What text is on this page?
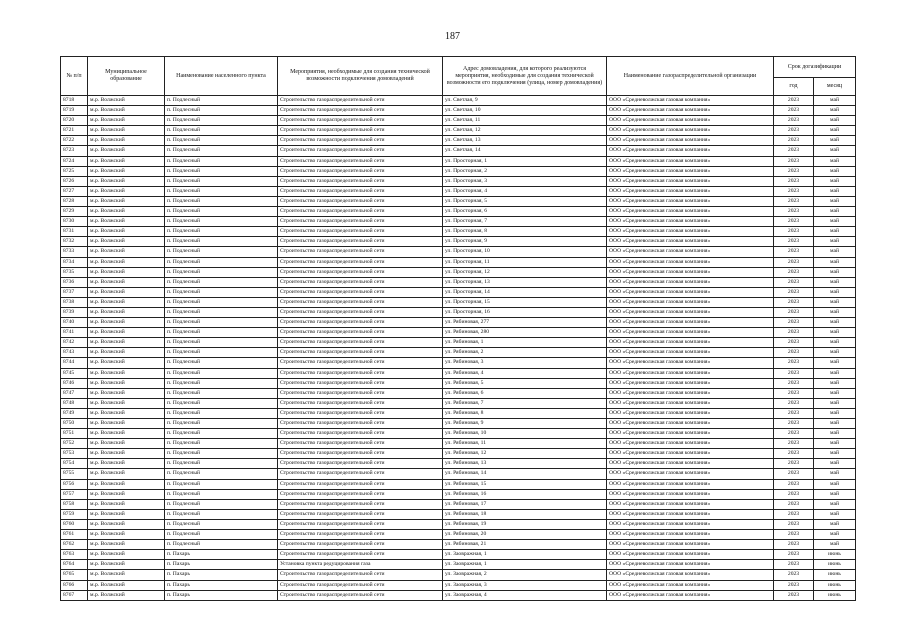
187
№ п/п	Муниципальное образование	Наименование населенного пункта	Мероприятия, необходимые для создания технической возможности подключения домовладений	Адрес домовладения, для которого реализуются мероприятия, необходимые для создания технической возможности его подключения (улица, номер домовладения)	Наименование газораспределительной организации	Срок догазификации	
						год	месяц
8718	м.р. Волжский	п. Подлесный	Строительство газораспределительной сети	ул. Светлая, 9	ООО «Средневолжская газовая компания»	2023	май
8719	м.р. Волжский	п. Подлесный	Строительство газораспределительной сети	ул. Светлая, 10	ООО «Средневолжская газовая компания»	2023	май
8720	м.р. Волжский	п. Подлесный	Строительство газораспределительной сети	ул. Светлая, 11	ООО «Средневолжская газовая компания»	2023	май
8721	м.р. Волжский	п. Подлесный	Строительство газораспределительной сети	ул. Светлая, 12	ООО «Средневолжская газовая компания»	2023	май
8722	м.р. Волжский	п. Подлесный	Строительство газораспределительной сети	ул. Светлая, 13	ООО «Средневолжская газовая компания»	2023	май
8723	м.р. Волжский	п. Подлесный	Строительство газораспределительной сети	ул. Светлая, 14	ООО «Средневолжская газовая компания»	2023	май
8724	м.р. Волжский	п. Подлесный	Строительство газораспределительной сети	ул. Просторная, 1	ООО «Средневолжская газовая компания»	2023	май
8725	м.р. Волжский	п. Подлесный	Строительство газораспределительной сети	ул. Просторная, 2	ООО «Средневолжская газовая компания»	2023	май
8726	м.р. Волжский	п. Подлесный	Строительство газораспределительной сети	ул. Просторная, 3	ООО «Средневолжская газовая компания»	2023	май
8727	м.р. Волжский	п. Подлесный	Строительство газораспределительной сети	ул. Просторная, 4	ООО «Средневолжская газовая компания»	2023	май
8728	м.р. Волжский	п. Подлесный	Строительство газораспределительной сети	ул. Просторная, 5	ООО «Средневолжская газовая компания»	2023	май
8729	м.р. Волжский	п. Подлесный	Строительство газораспределительной сети	ул. Просторная, 6	ООО «Средневолжская газовая компания»	2023	май
8730	м.р. Волжский	п. Подлесный	Строительство газораспределительной сети	ул. Просторная, 7	ООО «Средневолжская газовая компания»	2023	май
8731	м.р. Волжский	п. Подлесный	Строительство газораспределительной сети	ул. Просторная, 8	ООО «Средневолжская газовая компания»	2023	май
8732	м.р. Волжский	п. Подлесный	Строительство газораспределительной сети	ул. Просторная, 9	ООО «Средневолжская газовая компания»	2023	май
8733	м.р. Волжский	п. Подлесный	Строительство газораспределительной сети	ул. Просторная, 10	ООО «Средневолжская газовая компания»	2023	май
8734	м.р. Волжский	п. Подлесный	Строительство газораспределительной сети	ул. Просторная, 11	ООО «Средневолжская газовая компания»	2023	май
8735	м.р. Волжский	п. Подлесный	Строительство газораспределительной сети	ул. Просторная, 12	ООО «Средневолжская газовая компания»	2023	май
8736	м.р. Волжский	п. Подлесный	Строительство газораспределительной сети	ул. Просторная, 13	ООО «Средневолжская газовая компания»	2023	май
8737	м.р. Волжский	п. Подлесный	Строительство газораспределительной сети	ул. Просторная, 14	ООО «Средневолжская газовая компания»	2023	май
8738	м.р. Волжский	п. Подлесный	Строительство газораспределительной сети	ул. Просторная, 15	ООО «Средневолжская газовая компания»	2023	май
8739	м.р. Волжский	п. Подлесный	Строительство газораспределительной сети	ул. Просторная, 16	ООО «Средневолжская газовая компания»	2023	май
8740	м.р. Волжский	п. Подлесный	Строительство газораспределительной сети	ул. Рябиновая, 277	ООО «Средневолжская газовая компания»	2023	май
8741	м.р. Волжский	п. Подлесный	Строительство газораспределительной сети	ул. Рябиновая, 280	ООО «Средневолжская газовая компания»	2023	май
8742	м.р. Волжский	п. Подлесный	Строительство газораспределительной сети	ул. Рябиновая, 1	ООО «Средневолжская газовая компания»	2023	май
8743	м.р. Волжский	п. Подлесный	Строительство газораспределительной сети	ул. Рябиновая, 2	ООО «Средневолжская газовая компания»	2023	май
8744	м.р. Волжский	п. Подлесный	Строительство газораспределительной сети	ул. Рябиновая, 3	ООО «Средневолжская газовая компания»	2023	май
8745	м.р. Волжский	п. Подлесный	Строительство газораспределительной сети	ул. Рябиновая, 4	ООО «Средневолжская газовая компания»	2023	май
8746	м.р. Волжский	п. Подлесный	Строительство газораспределительной сети	ул. Рябиновая, 5	ООО «Средневолжская газовая компания»	2023	май
8747	м.р. Волжский	п. Подлесный	Строительство газораспределительной сети	ул. Рябиновая, 6	ООО «Средневолжская газовая компания»	2023	май
8748	м.р. Волжский	п. Подлесный	Строительство газораспределительной сети	ул. Рябиновая, 7	ООО «Средневолжская газовая компания»	2023	май
8749	м.р. Волжский	п. Подлесный	Строительство газораспределительной сети	ул. Рябиновая, 8	ООО «Средневолжская газовая компания»	2023	май
8750	м.р. Волжский	п. Подлесный	Строительство газораспределительной сети	ул. Рябиновая, 9	ООО «Средневолжская газовая компания»	2023	май
8751	м.р. Волжский	п. Подлесный	Строительство газораспределительной сети	ул. Рябиновая, 10	ООО «Средневолжская газовая компания»	2023	май
8752	м.р. Волжский	п. Подлесный	Строительство газораспределительной сети	ул. Рябиновая, 11	ООО «Средневолжская газовая компания»	2023	май
8753	м.р. Волжский	п. Подлесный	Строительство газораспределительной сети	ул. Рябиновая, 12	ООО «Средневолжская газовая компания»	2023	май
8754	м.р. Волжский	п. Подлесный	Строительство газораспределительной сети	ул. Рябиновая, 13	ООО «Средневолжская газовая компания»	2023	май
8755	м.р. Волжский	п. Подлесный	Строительство газораспределительной сети	ул. Рябиновая, 14	ООО «Средневолжская газовая компания»	2023	май
8756	м.р. Волжский	п. Подлесный	Строительство газораспределительной сети	ул. Рябиновая, 15	ООО «Средневолжская газовая компания»	2023	май
8757	м.р. Волжский	п. Подлесный	Строительство газораспределительной сети	ул. Рябиновая, 16	ООО «Средневолжская газовая компания»	2023	май
8758	м.р. Волжский	п. Подлесный	Строительство газораспределительной сети	ул. Рябиновая, 17	ООО «Средневолжская газовая компания»	2023	май
8759	м.р. Волжский	п. Подлесный	Строительство газораспределительной сети	ул. Рябиновая, 18	ООО «Средневолжская газовая компания»	2023	май
8760	м.р. Волжский	п. Подлесный	Строительство газораспределительной сети	ул. Рябиновая, 19	ООО «Средневолжская газовая компания»	2023	май
8761	м.р. Волжский	п. Подлесный	Строительство газораспределительной сети	ул. Рябиновая, 20	ООО «Средневолжская газовая компания»	2023	май
8762	м.р. Волжский	п. Подлесный	Строительство газораспределительной сети	ул. Рябиновая, 21	ООО «Средневолжская газовая компания»	2023	май
8763	м.р. Волжский	п. Пахарь	Строительство газораспределительной сети	ул. Заовражная, 1	ООО «Средневолжская газовая компания»	2023	июнь
8764	м.р. Волжский	п. Пахарь	Установка пункта редуцирования газа	ул. Заовражная, 1	ООО «Средневолжская газовая компания»	2023	июнь
8765	м.р. Волжский	п. Пахарь	Строительство газораспределительной сети	ул. Заовражная, 2	ООО «Средневолжская газовая компания»	2023	июнь
8766	м.р. Волжский	п. Пахарь	Строительство газораспределительной сети	ул. Заовражная, 3	ООО «Средневолжская газовая компания»	2023	июнь
8767	м.р. Волжский	п. Пахарь	Строительство газораспределительной сети	ул. Заовражная, 4	ООО «Средневолжская газовая компания»	2023	июнь
